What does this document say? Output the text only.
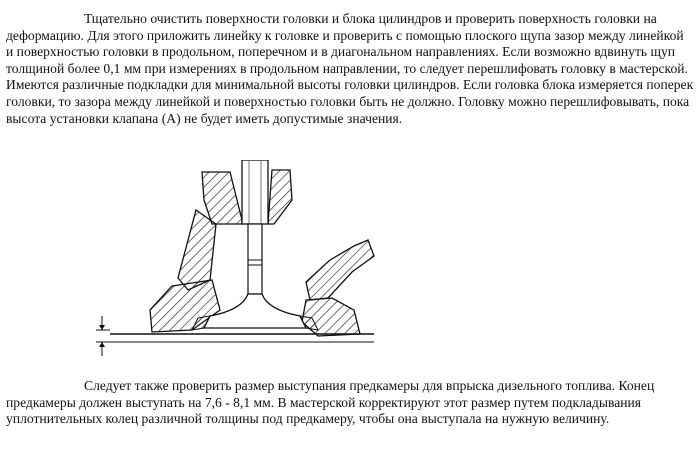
Тщательно очистить поверхности головки и блока цилиндров и проверить поверхность головки на деформацию. Для этого приложить линейку к головке и проверить с помощью плоского щупа зазор между линейкой и поверхностью головки в продольном, поперечном и в диагональном направлениях. Если возможно вдвинуть щуп толщиной более 0,1 мм при измерениях в продольном направлении, то следует перешлифовать головку в мастерской. Имеются различные подкладки для минимальной высоты головки цилиндров. Если головка блока измеряется поперек головки, то зазора между линейкой и поверхностью головки быть не должно. Головку можно перешлифовывать, пока высота установки клапана (А) не будет иметь допустимые значения.

Следует также проверить размер выступания предкамеры для впрыска дизельного топлива. Конец предкамеры должен выступать на 7,6 - 8,1 мм. В мастерской корректируют этот размер путем подкладывания уплотнительных колец различной толщины под предкамеру, чтобы она выступала на нужную величину.
